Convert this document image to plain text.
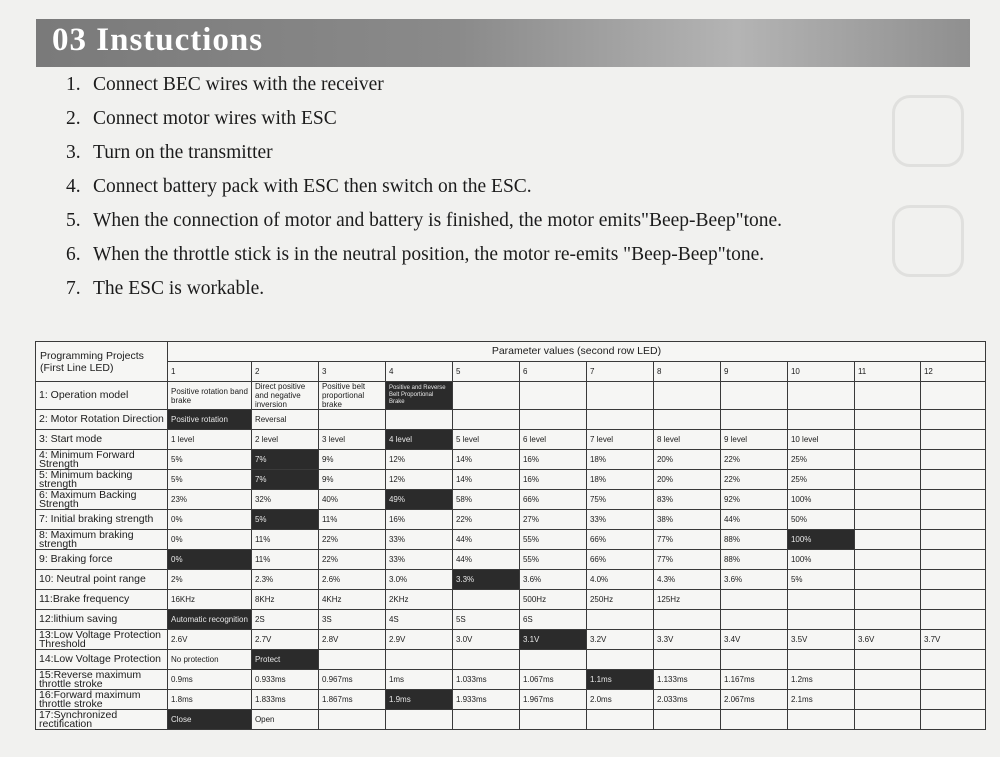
03 Instuctions
1. Connect BEC wires with the receiver
2. Connect motor wires with ESC
3. Turn on the transmitter
4. Connect battery pack with ESC then switch on the ESC.
5. When the connection of motor and battery is finished, the motor emits"Beep-Beep"tone.
6. When the throttle stick is in the neutral position, the motor re-emits "Beep-Beep"tone.
7. The ESC is workable.
Programming Projects
(First Line LED)	Parameter values (second row LED)											
	1	2	3	4	5	6	7	8	9	10	11	12
1: Operation model	Positive rotation band brake	Direct positive and negative inversion	Positive belt proportional brake	Positive and Reverse Belt Proportional Brake								
2: Motor Rotation Direction	Positive rotation	Reversal										
3: Start mode	1 level	2 level	3 level	4 level	5 level	6 level	7 level	8 level	9 level	10 level		
4: Minimum Forward Strength	5%	7%	9%	12%	14%	16%	18%	20%	22%	25%		
5: Minimum backing strength	5%	7%	9%	12%	14%	16%	18%	20%	22%	25%		
6: Maximum Backing Strength	23%	32%	40%	49%	58%	66%	75%	83%	92%	100%		
7: Initial braking strength	0%	5%	11%	16%	22%	27%	33%	38%	44%	50%		
8: Maximum braking strength	0%	11%	22%	33%	44%	55%	66%	77%	88%	100%		
9: Braking force	0%	11%	22%	33%	44%	55%	66%	77%	88%	100%		
10: Neutral point range	2%	2.3%	2.6%	3.0%	3.3%	3.6%	4.0%	4.3%	3.6%	5%		
11:Brake frequency	16KHz	8KHz	4KHz	2KHz		500Hz	250Hz	125Hz				
12:lithium saving	Automatic recognition	2S	3S	4S	5S	6S						
13:Low Voltage Protection Threshold	2.6V	2.7V	2.8V	2.9V	3.0V	3.1V	3.2V	3.3V	3.4V	3.5V	3.6V	3.7V
14:Low Voltage Protection	No protection	Protect										
15:Reverse maximum throttle stroke	0.9ms	0.933ms	0.967ms	1ms	1.033ms	1.067ms	1.1ms	1.133ms	1.167ms	1.2ms		
16:Forward maximum throttle stroke	1.8ms	1.833ms	1.867ms	1.9ms	1.933ms	1.967ms	2.0ms	2.033ms	2.067ms	2.1ms		
17:Synchronized rectification	Close	Open										
